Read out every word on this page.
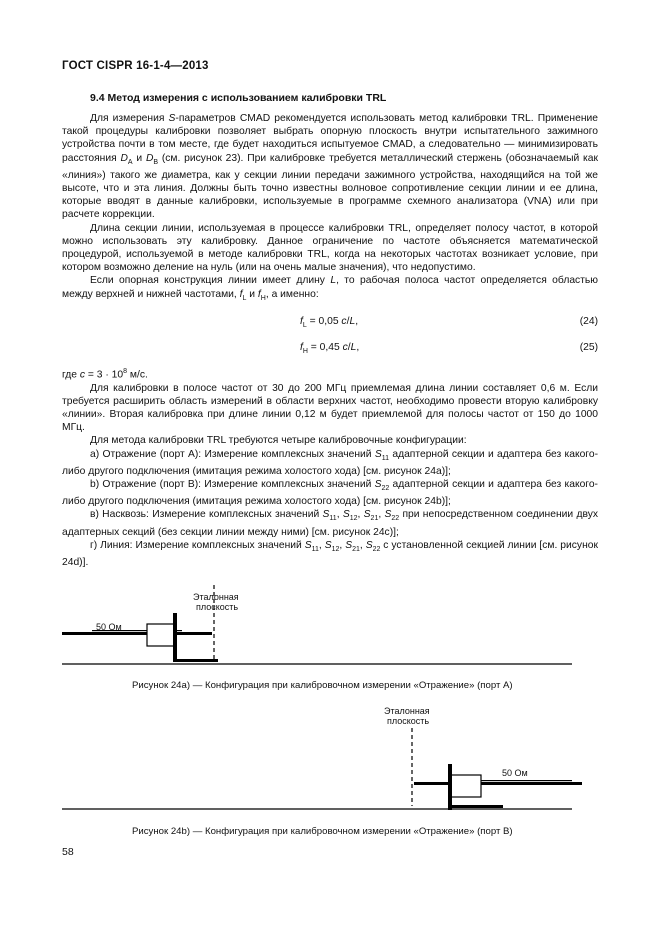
ГОСТ CISPR 16-1-4—2013
9.4 Метод измерения с использованием калибровки TRL

Для измерения S-параметров CMAD рекомендуется использовать метод калибровки TRL. Применение такой процедуры калибровки позволяет выбрать опорную плоскость внутри испытательного зажимного устройства почти в том месте, где будет находиться испытуемое CMAD, а следовательно — минимизировать расстояния $D_A$ и $D_B$ (см. рисунок 23). При калибровке требуется металлический стержень (обозначаемый как «линия») такого же диаметра, как у секции линии передачи зажимного устройства, находящийся на той же высоте, что и эта линия. Должны быть точно известны волновое сопротивление секции линии и ее длина, которые вводят в данные калибровки, используемые в программе схемного анализатора (VNA) или при расчете коррекции.

Длина секции линии, используемая в процессе калибровки TRL, определяет полосу частот, в которой можно использовать эту калибровку. Данное ограничение по частоте объясняется математической процедурой, используемой в методе калибровки TRL, когда на некоторых частотах возникает условие, при котором возможно деление на нуль (или на очень малые значения), что недопустимо.

Если опорная конструкция линии имеет длину L, то рабочая полоса частот определяется областью между верхней и нижней частотами, $f_L$ и $f_H$, а именно:

$f_L = 0,05$ c/L,	(24)
$f_H = 0,45$ c/L,	(25)

где $c = 3 \cdot 10^8$ м/с.

Для калибровки в полосе частот от 30 до 200 МГц приемлемая длина линии составляет 0,6 м. Если требуется расширить область измерений в области верхних частот, необходимо провести вторую калибровку «линии». Вторая калибровка при длине линии 0,12 м будет приемлемой для полосы частот от 150 до 1000 МГц.

Для метода калибровки TRL требуются четыре калибровочные конфигурации:

a) Отражение (порт А): Измерение комплексных значений $S_{11}$ адаптерной секции и адаптера без какого-либо другого подключения (имитация режима холостого хода) [см. рисунок 24a)];

b) Отражение (порт В): Измерение комплексных значений $S_{22}$ адаптерной секции и адаптера без какого-либо другого подключения (имитация режима холостого хода) [см. рисунок 24b)];

в) Насквозь: Измерение комплексных значений $S_{11}$, $S_{12}$, $S_{21}$, $S_{22}$ при непосредственном соединении двух адаптерных секций (без секции линии между ними) [см. рисунок 24c)];

г) Линия: Измерение комплексных значений $S_{11}$, $S_{12}$, $S_{21}$, $S_{22}$ с установленной секцией линии [см. рисунок 24d)].

Эталонная
плоскость
50 Ом
Рисунок 24a) — Конфигурация при калибровочном измерении «Отражение» (порт А)
Эталонная
плоскость
50 Ом
Рисунок 24b) — Конфигурация при калибровочном измерении «Отражение» (порт В)
58
